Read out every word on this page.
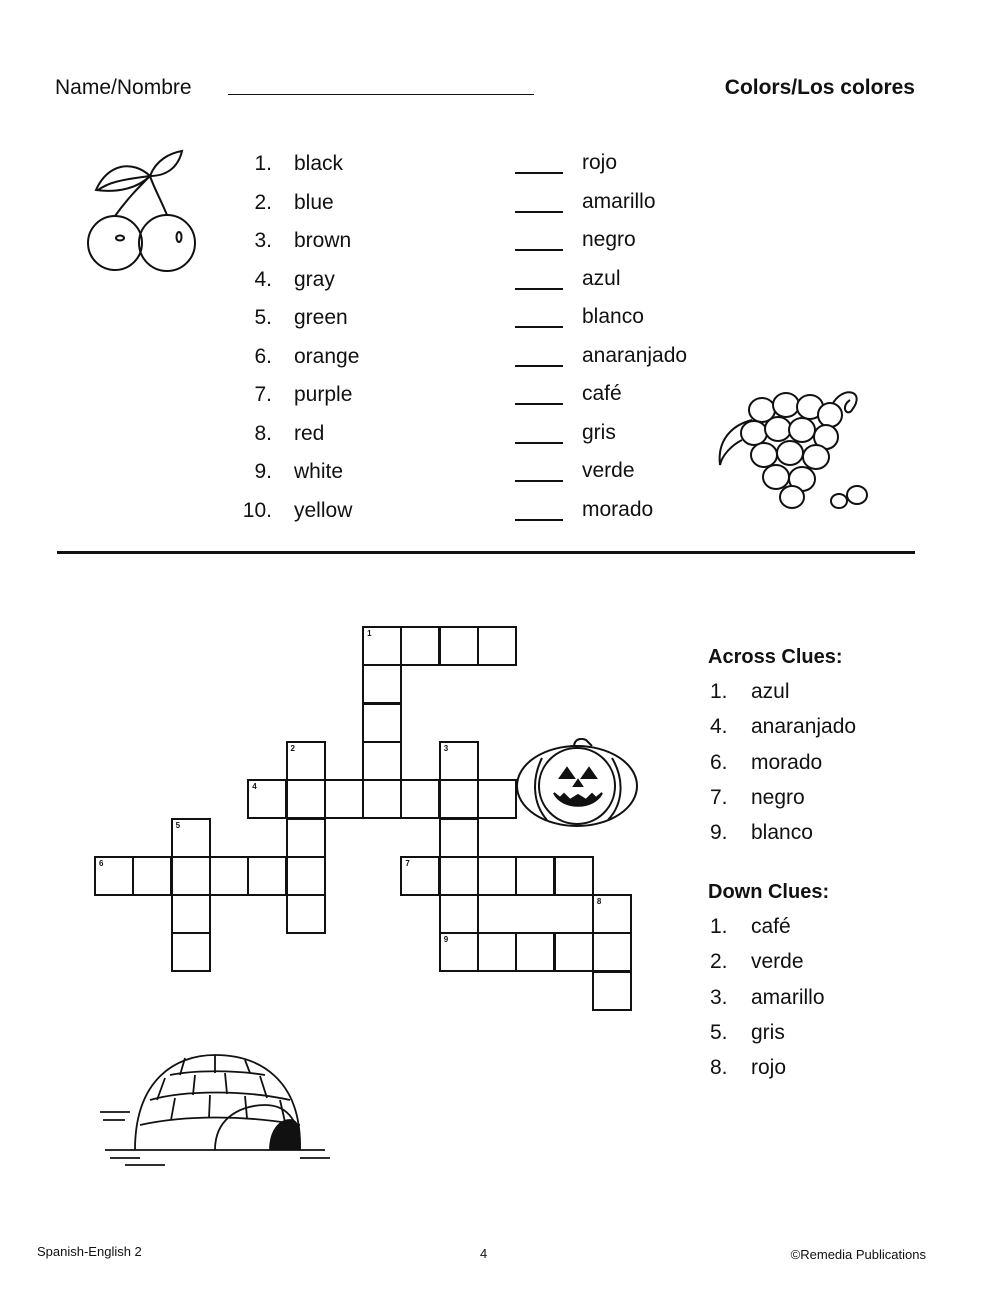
Name/Nombre	Colors/Los colores
1. black	rojo
2. blue	amarillo
3. brown	negro
4. gray	azul
5. green	blanco
6. orange	anaranjado
7. purple	café
8. red	gris
9. white	verde
10. yellow	morado
1
2	3
9
4
5
6	7
8
Across Clues:
1. azul
4. anaranjado
6. morado
7. negro
9. blanco
Down Clues:
1. café
2. verde
3. amarillo
5. gris
8. rojo
Spanish-English 2	4	©Remedia Publications
